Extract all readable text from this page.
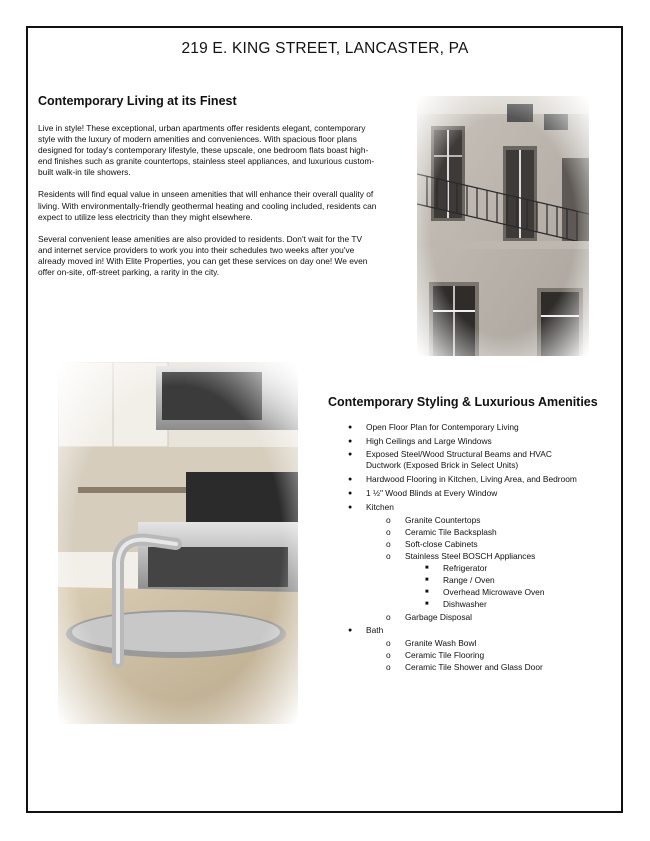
219 E. KING STREET, LANCASTER, PA
Contemporary Living at its Finest

Live in style! These exceptional, urban apartments offer residents elegant, contemporary
style with the luxury of modern amenities and conveniences. With spacious floor plans
designed for today's contemporary lifestyle, these upscale, one bedroom flats boast high-
end finishes such as granite countertops, stainless steel appliances, and luxurious custom-
built walk-in tile showers.

Residents will find equal value in unseen amenities that will enhance their overall quality of
living. With environmentally-friendly geothermal heating and cooling included, residents can
expect to utilize less electricity than they might elsewhere.

Several convenient lease amenities are also provided to residents. Don't wait for the TV
and internet service providers to work you into their schedules two weeks after you've
already moved in! With Elite Properties, you can get these services on day one! We even
offer on-site, off-street parking, a rarity in the city.

Contemporary Styling & Luxurious Amenities
● Open Floor Plan for Contemporary Living
● High Ceilings and Large Windows
● Exposed Steel/Wood Structural Beams and HVAC
Ductwork (Exposed Brick in Select Units)
● Hardwood Flooring in Kitchen, Living Area, and Bedroom
● 1 ½" Wood Blinds at Every Window
● Kitchen
o Granite Countertops
o Ceramic Tile Backsplash
o Soft-close Cabinets
o Stainless Steel BOSCH Appliances
■ Refrigerator
■ Range / Oven
■ Overhead Microwave Oven
■ Dishwasher
o Garbage Disposal
● Bath
o Granite Wash Bowl
o Ceramic Tile Flooring
o Ceramic Tile Shower and Glass Door
